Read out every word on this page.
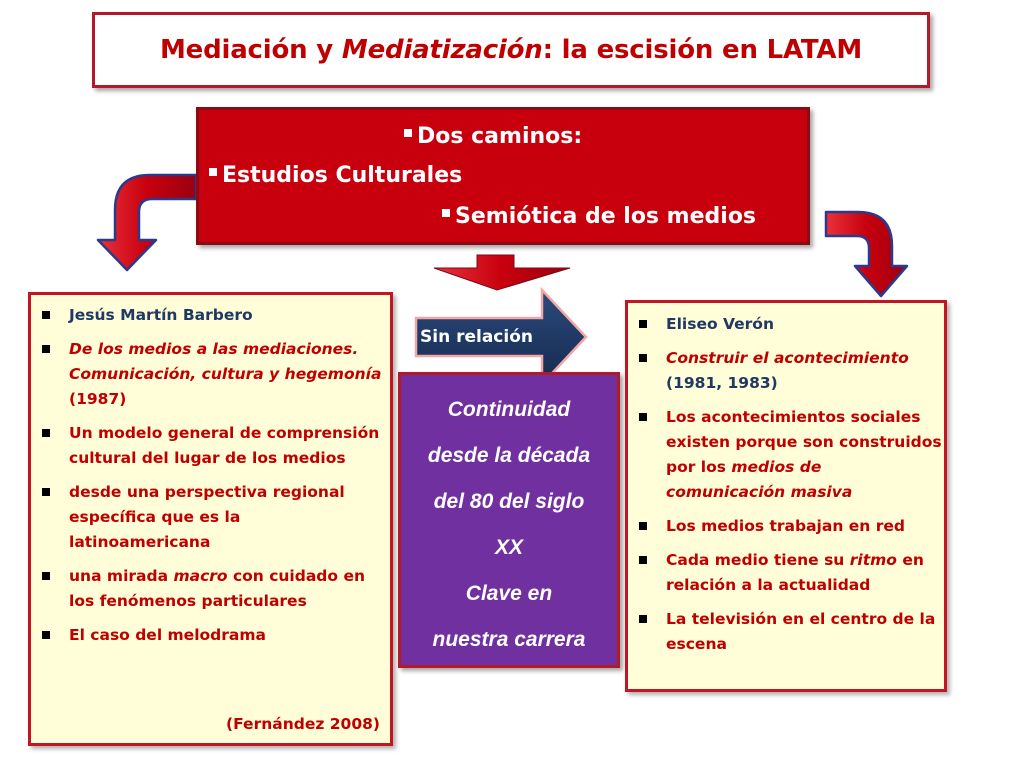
Mediación y Mediatización: la escisión en LATAM
Dos caminos:
Estudios Culturales
Semiótica de los medios
Sin relación
Jesús Martín Barbero
De los medios a las mediaciones. Comunicación, cultura y hegemonía (1987)
Un modelo general de comprensión cultural del lugar de los medios
desde una perspectiva regional específica que es la latinoamericana
una mirada macro con cuidado en los fenómenos particulares
El caso del melodrama
(Fernández 2008)
Continuidad
desde la década
del 80 del siglo
XX
Clave en
nuestra carrera
Eliseo Verón
Construir el acontecimiento (1981, 1983)
Los acontecimientos sociales existen porque son construidos por los medios de comunicación masiva
Los medios trabajan en red
Cada medio tiene su ritmo en relación a la actualidad
La televisión en el centro de la escena
